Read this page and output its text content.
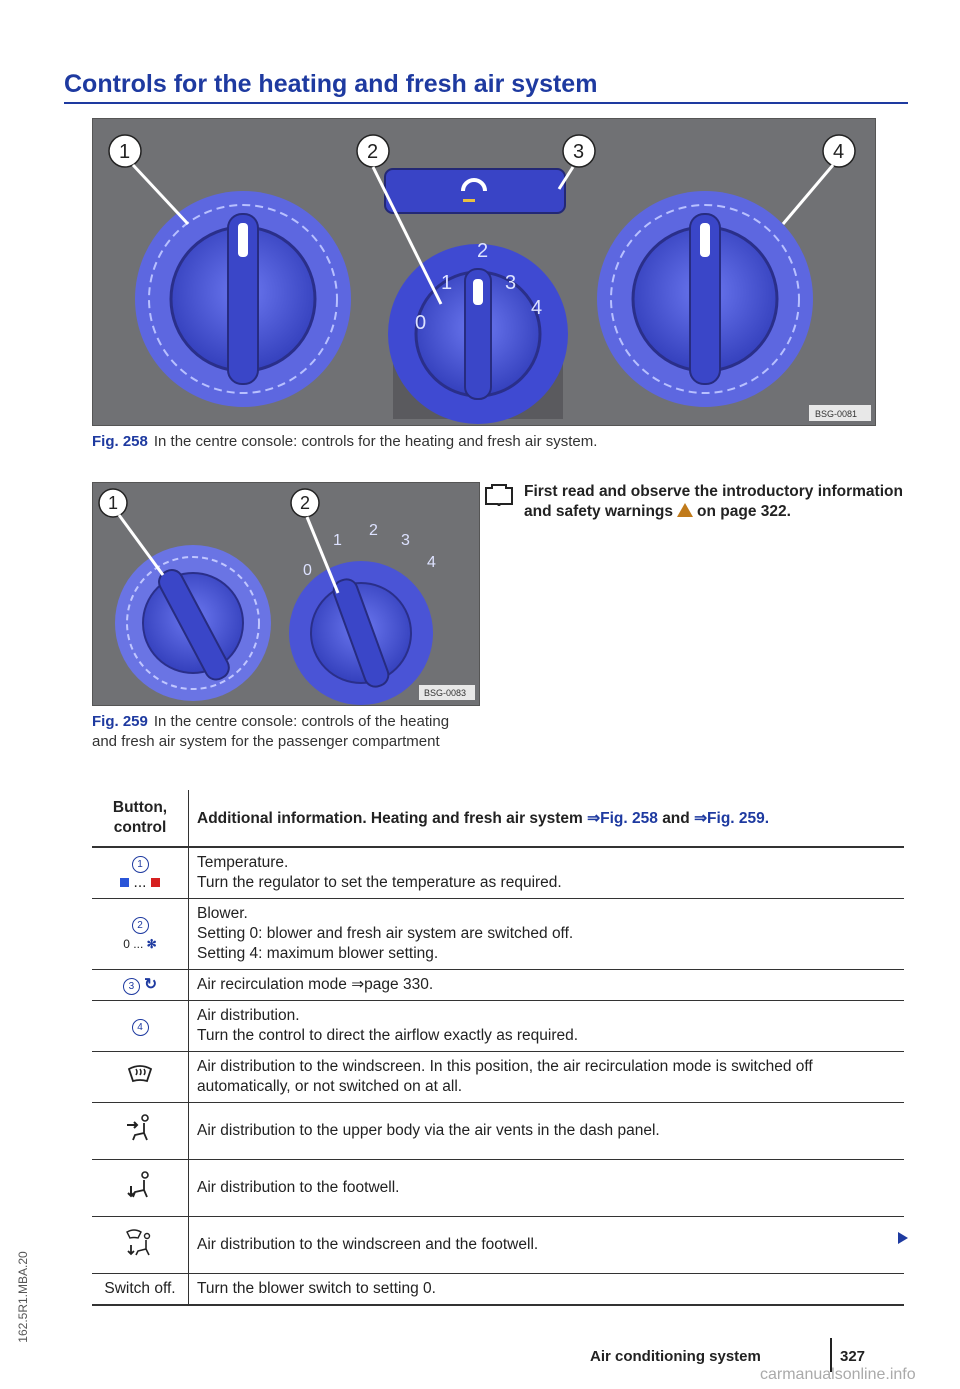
Controls for the heating and fresh air system
0
1
2
3
4
1	2	3	4
BSG-0081
Fig. 258 In the centre console: controls for the heating and fresh air system.
0
1
2
3
4
1	2
BSG-0083
Fig. 259 In the centre console: controls of the heating and fresh air system for the passenger compartment
First read and observe the introductory information and safety warnings on page 322.
Button, control	Additional information. Heating and fresh air system ⇒Fig. 258 and ⇒Fig. 259.
1
...	Temperature.
Turn the regulator to set the temperature as required.
2
0 ... ✻	Blower.
Setting 0: blower and fresh air system are switched off.
Setting 4: maximum blower setting.
3 ↻	Air recirculation mode ⇒page 330.
4	Air distribution.
Turn the control to direct the airflow exactly as required.
	Air distribution to the windscreen. In this position, the air recirculation mode is switched off automatically, or not switched on at all.
	Air distribution to the upper body via the air vents in the dash panel.
	Air distribution to the footwell.
	Air distribution to the windscreen and the footwell.
Switch off.	Turn the blower switch to setting 0.
162.5R1.MBA.20
Air conditioning system	327
carmanualsonline.info
